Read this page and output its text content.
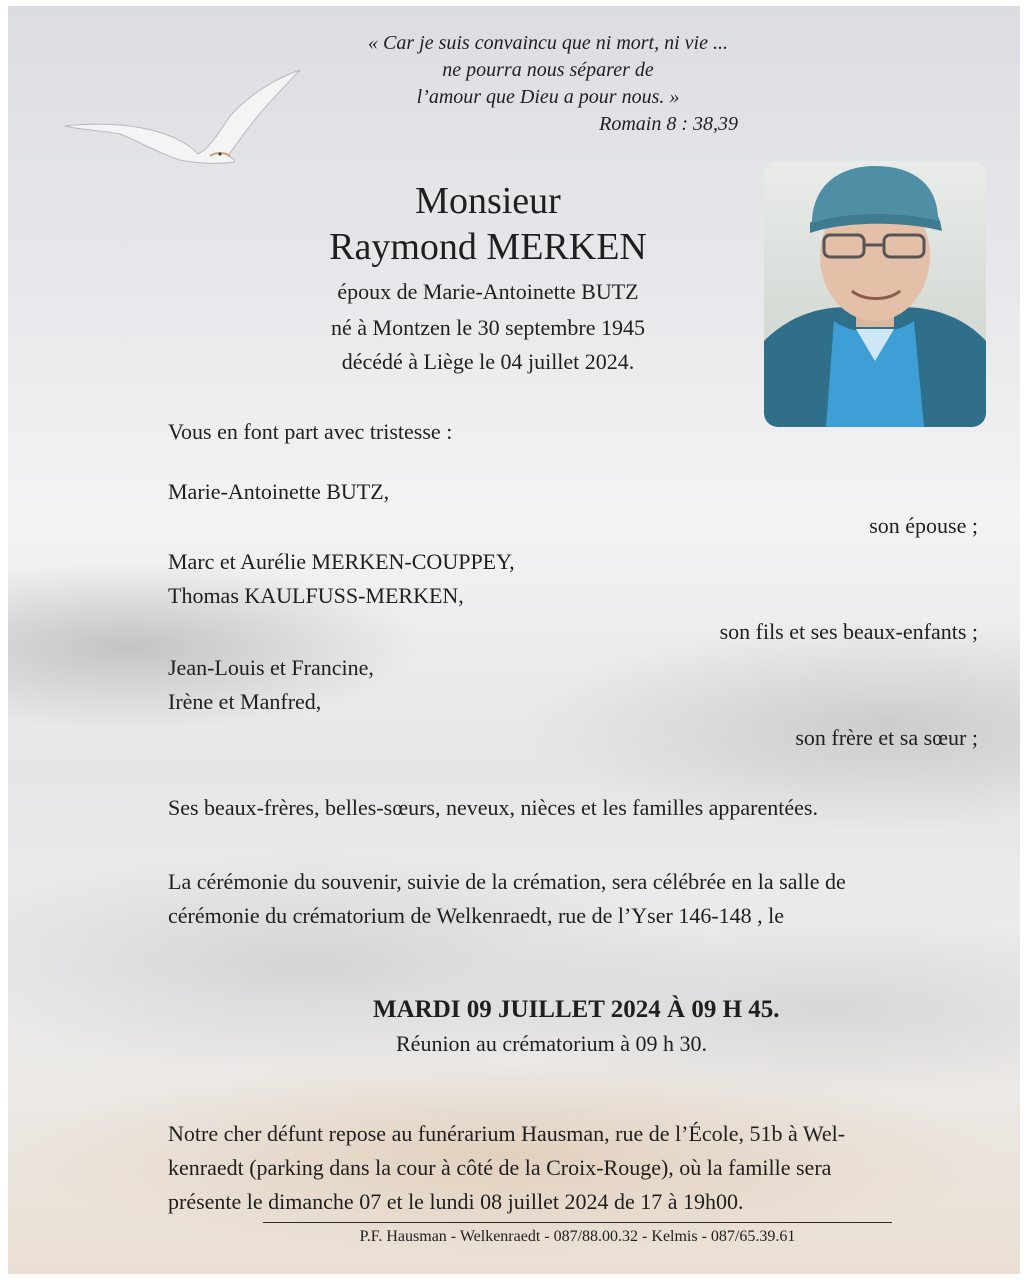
« Car je suis convaincu que ni mort, ni vie ...
ne pourra nous séparer de
l’amour que Dieu a pour nous. »
Romain 8 : 38,39
Monsieur
Raymond MERKEN
époux de Marie-Antoinette BUTZ
né à Montzen le 30 septembre 1945
décédé à Liège le 04 juillet 2024.
Vous en font part avec tristesse :
Marie-Antoinette BUTZ,
son épouse ;
Marc et Aurélie MERKEN-COUPPEY,
Thomas KAULFUSS-MERKEN,
son fils et ses beaux-enfants ;
Jean-Louis et Francine,
Irène et Manfred,
son frère et sa sœur ;
Ses beaux-frères, belles-sœurs, neveux, nièces et les familles apparentées.
La cérémonie du souvenir, suivie de la crémation, sera célébrée en la salle de
cérémonie du crématorium de Welkenraedt, rue de l’Yser 146-148 , le
MARDI 09 JUILLET 2024 À 09 H 45.
Réunion au crématorium à 09 h 30.
Notre cher défunt repose au funérarium Hausman, rue de l’École, 51b à Wel-
kenraedt (parking dans la cour à côté de la Croix-Rouge), où la famille sera
présente le dimanche 07 et le lundi 08 juillet 2024 de 17 à 19h00.
P.F. Hausman - Welkenraedt - 087/88.00.32 - Kelmis - 087/65.39.61
